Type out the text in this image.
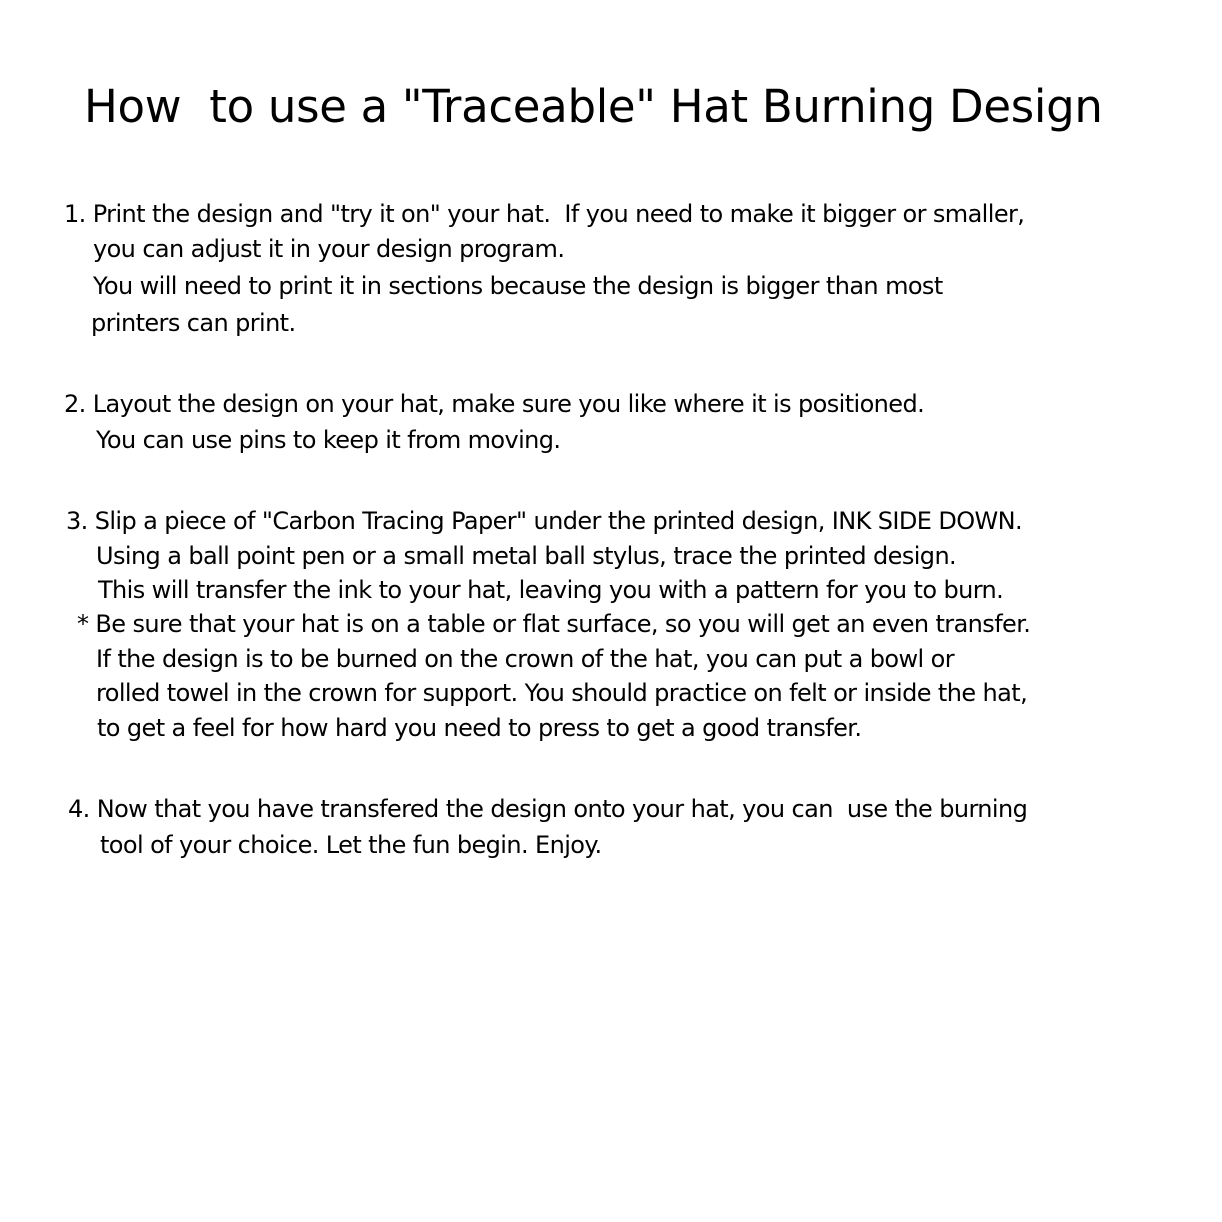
How  to use a "Traceable" Hat Burning Design
1. Print the design and "try it on" your hat.  If you need to make it bigger or smaller,
you can adjust it in your design program.
You will need to print it in sections because the design is bigger than most
printers can print.
2. Layout the design on your hat, make sure you like where it is positioned.
You can use pins to keep it from moving.
3. Slip a piece of "Carbon Tracing Paper" under the printed design, INK SIDE DOWN.
Using a ball point pen or a small metal ball stylus, trace the printed design.
This will transfer the ink to your hat, leaving you with a pattern for you to burn.
* Be sure that your hat is on a table or flat surface, so you will get an even transfer.
If the design is to be burned on the crown of the hat, you can put a bowl or
rolled towel in the crown for support. You should practice on felt or inside the hat,
to get a feel for how hard you need to press to get a good transfer.
4. Now that you have transfered the design onto your hat, you can  use the burning
tool of your choice. Let the fun begin. Enjoy.
